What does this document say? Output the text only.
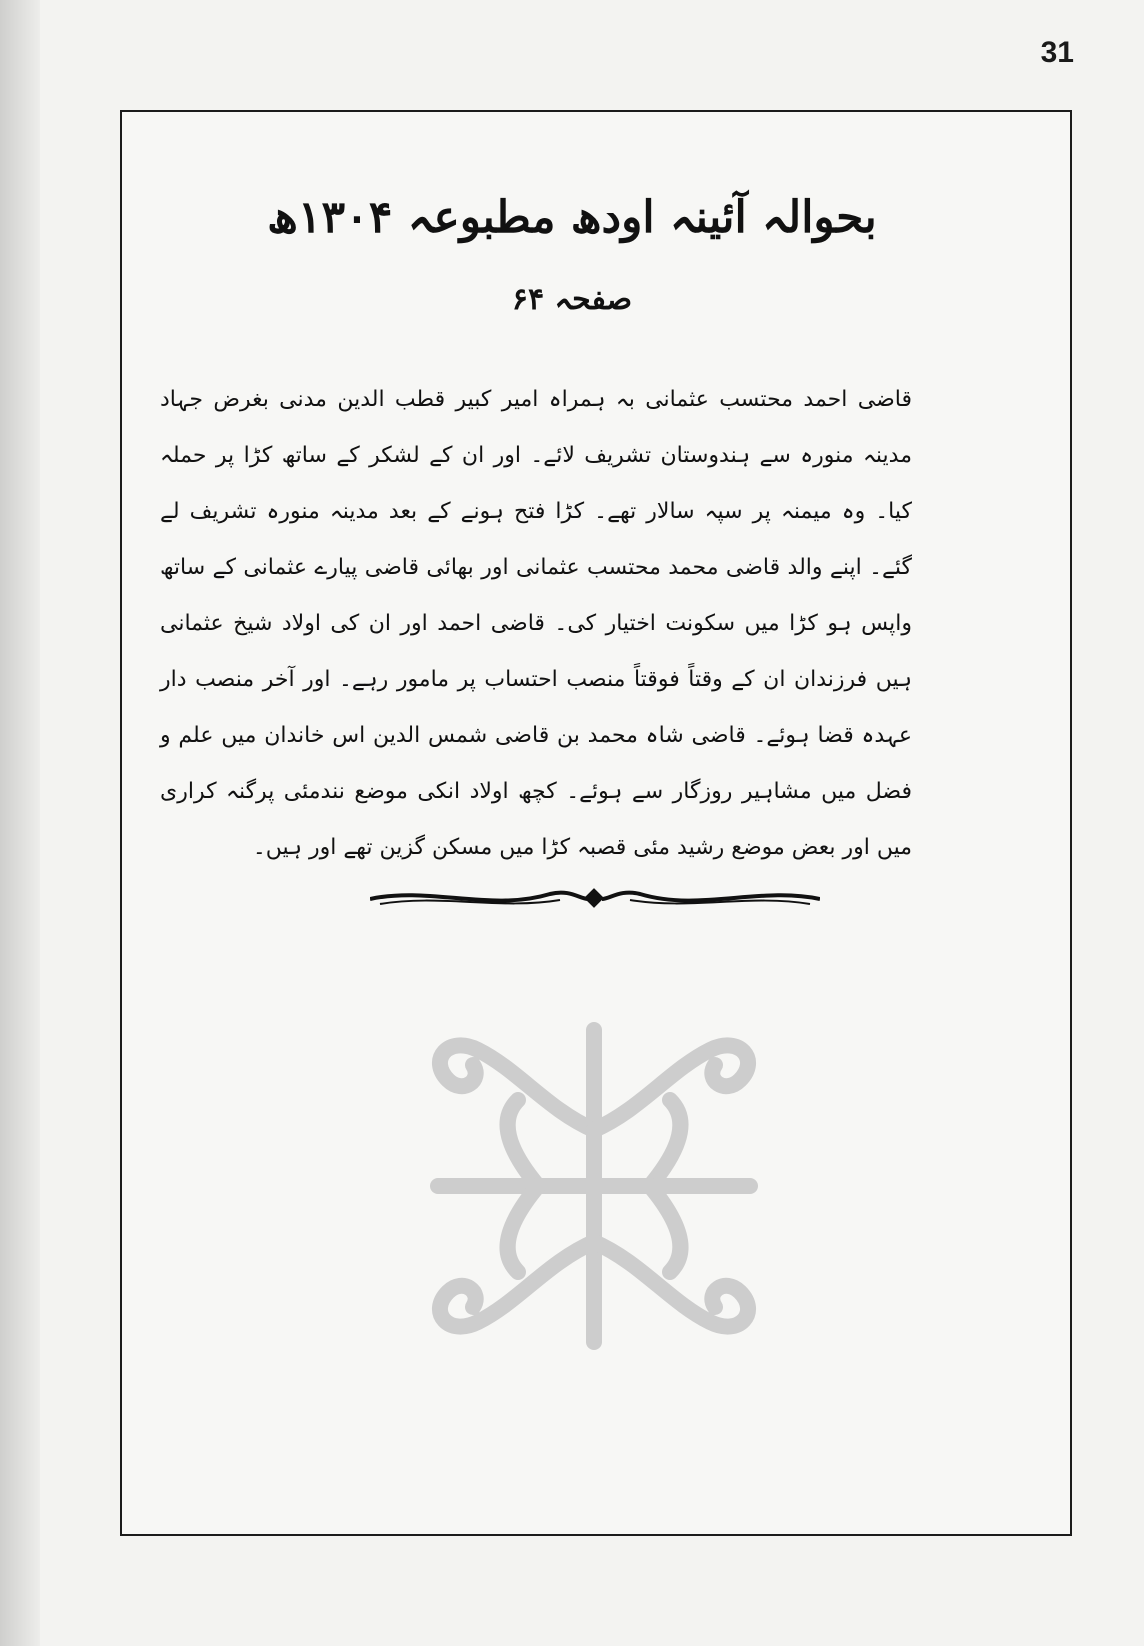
31
بحوالہ آئینہ اودھ مطبوعہ ۱۳۰۴ھ
صفحہ ۶۴

قاضی احمد محتسب عثمانی بہ ہمراہ امیر کبیر قطب الدین مدنی بغرض جہاد مدینہ منورہ سے ہندوستان تشریف لائے۔ اور ان کے لشکر کے ساتھ کڑا پر حملہ کیا۔ وہ میمنہ پر سپہ سالار تھے۔ کڑا فتح ہونے کے بعد مدینہ منورہ تشریف لے گئے۔ اپنے والد قاضی محمد محتسب عثمانی اور بھائی قاضی پیارے عثمانی کے ساتھ واپس ہو کڑا میں سکونت اختیار کی۔ قاضی احمد اور ان کی اولاد شیخ عثمانی ہیں فرزندان ان کے وقتاً فوقتاً منصب احتساب پر مامور رہے۔ اور آخر منصب دار عہدہ قضا ہوئے۔ قاضی شاہ محمد بن قاضی شمس الدین اس خاندان میں علم و فضل میں مشاہیر روزگار سے ہوئے۔ کچھ اولاد انکی موضع نندمئی پرگنہ کراری میں اور بعض موضع رشید مئی قصبہ کڑا میں مسکن گزین تھے اور ہیں۔
